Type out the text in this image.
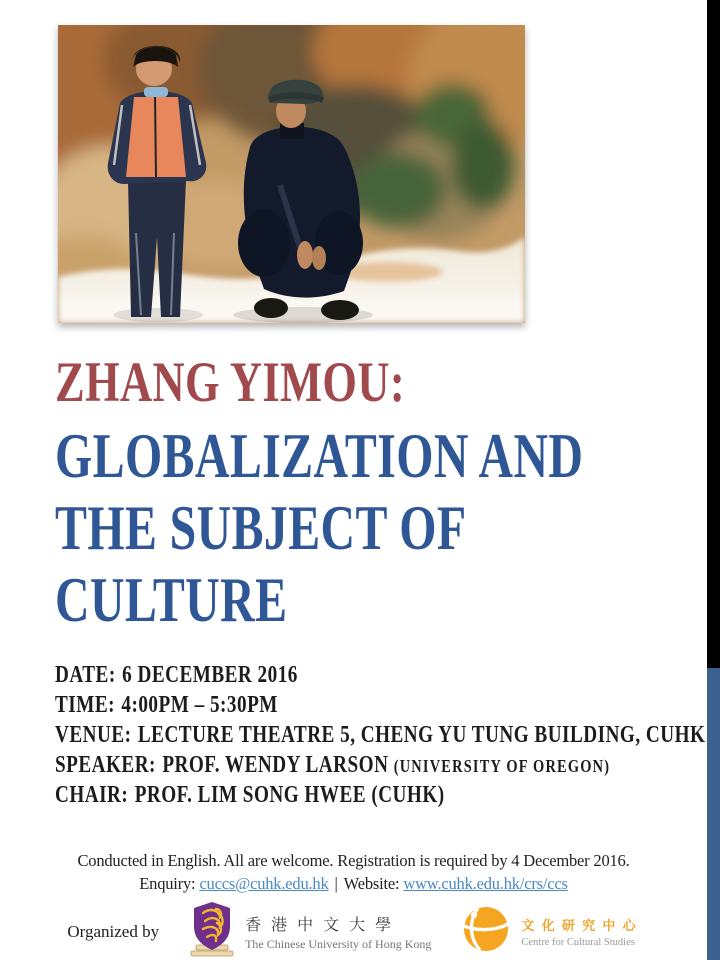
ZHANG YIMOU:
GLOBALIZATION AND
THE SUBJECT OF
CULTURE
DATE: 6 DECEMBER 2016
TIME: 4:00PM – 5:30PM
VENUE: LECTURE THEATRE 5, CHENG YU TUNG BUILDING, CUHK
SPEAKER: PROF. WENDY LARSON (UNIVERSITY OF OREGON)
CHAIR: PROF. LIM SONG HWEE (CUHK)

Conducted in English. All are welcome. Registration is required by 4 December 2016.

Enquiry: cuccs@cuhk.edu.hk | Website: www.cuhk.edu.hk/crs/ccs

Organized by	香 港 中 文 大 學
The Chinese University of Hong Kong
文 化 研 究 中 心
Centre for Cultural Studies
